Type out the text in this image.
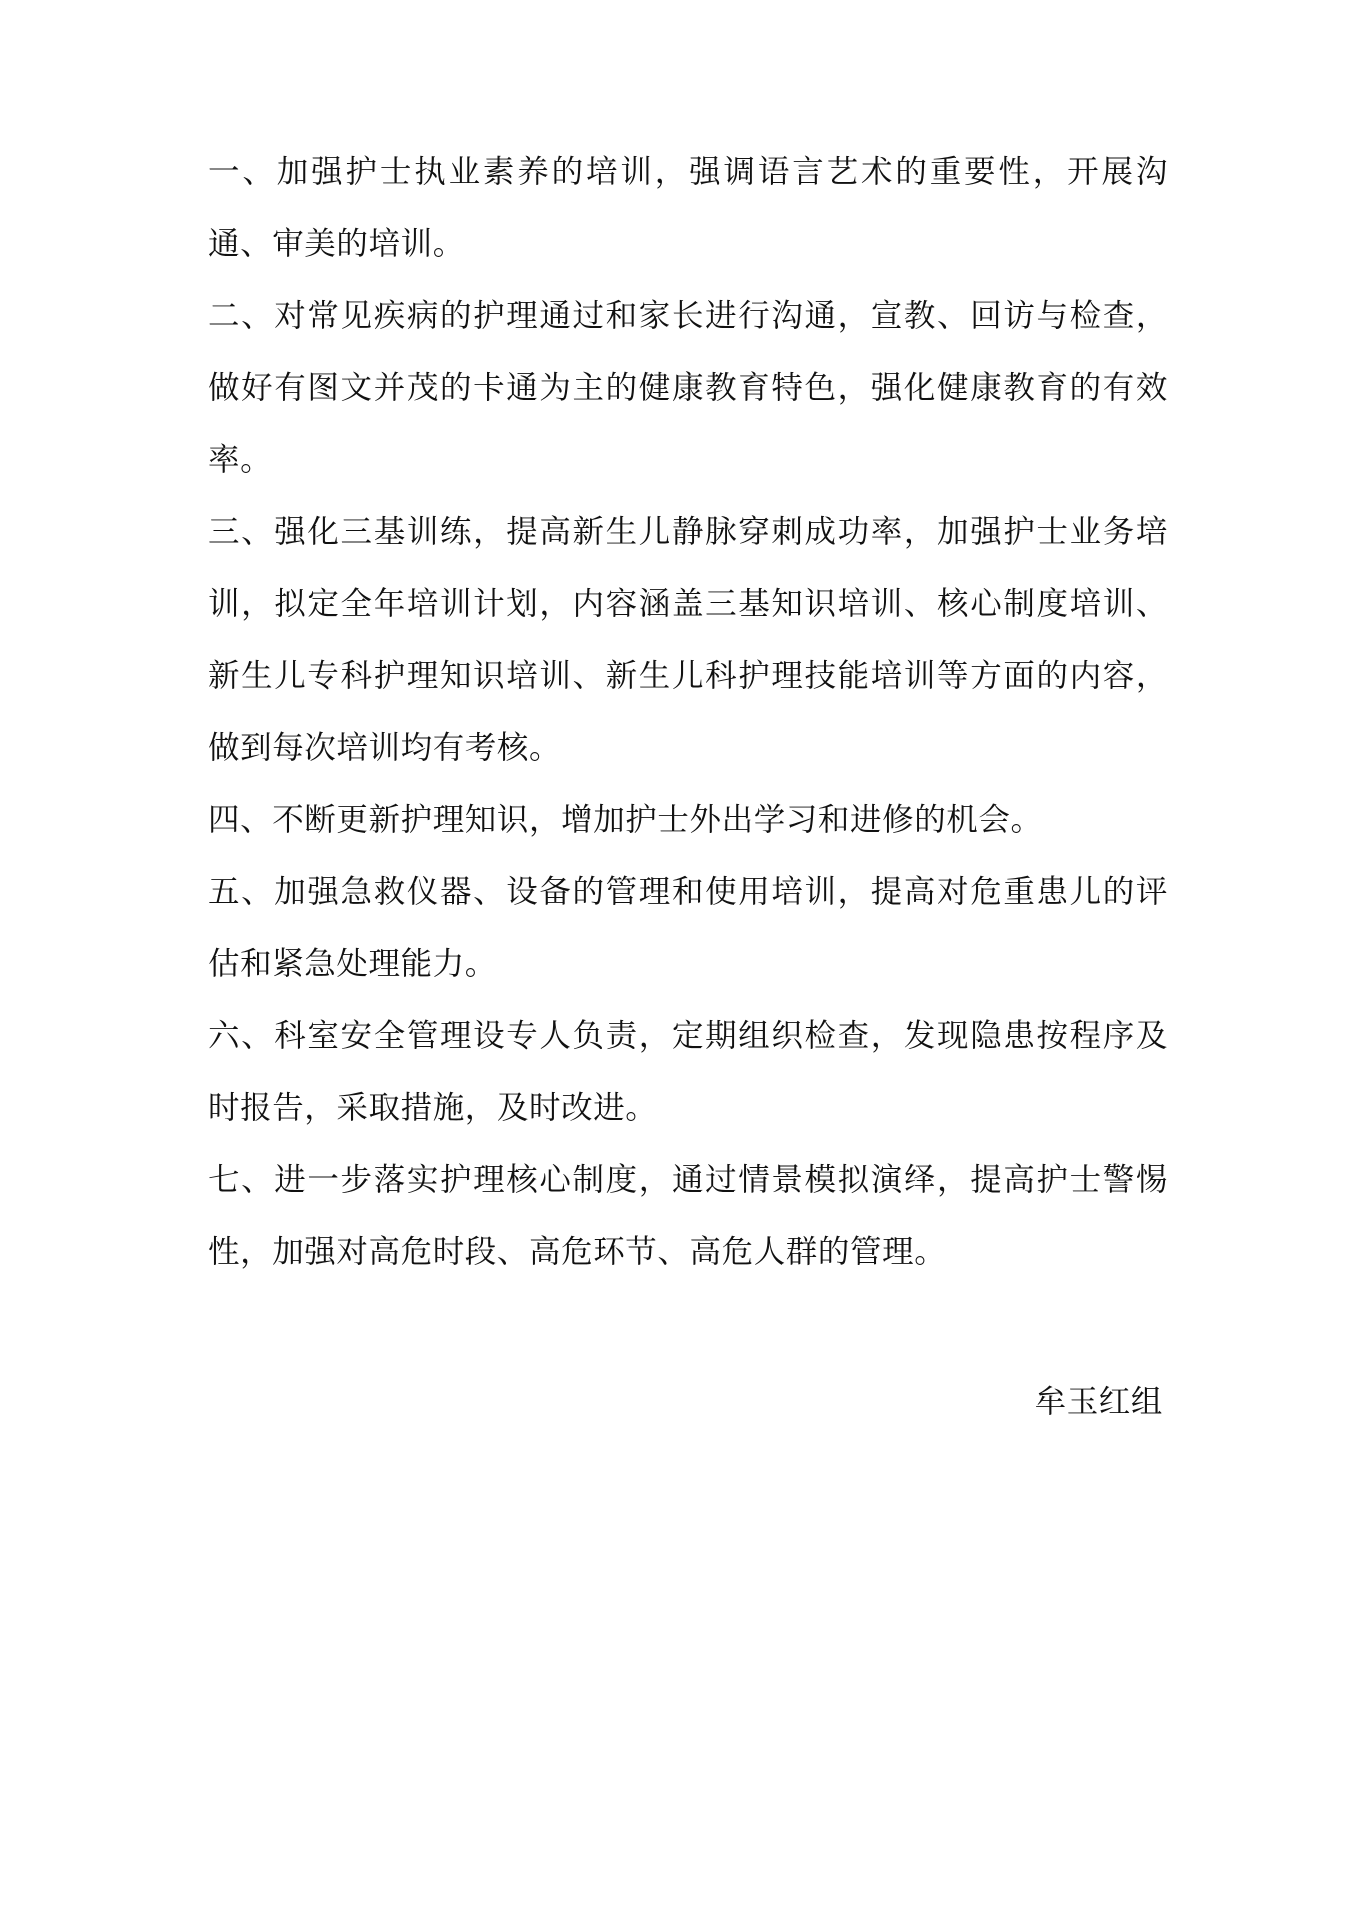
一、加强护士执业素养的培训，强调语言艺术的重要性，开展沟通、审美的培训。

二、对常见疾病的护理通过和家长进行沟通，宣教、回访与检查，做好有图文并茂的卡通为主的健康教育特色，强化健康教育的有效率。

三、强化三基训练，提高新生儿静脉穿刺成功率，加强护士业务培训，拟定全年培训计划，内容涵盖三基知识培训、核心制度培训、新生儿专科护理知识培训、新生儿科护理技能培训等方面的内容，做到每次培训均有考核。

四、不断更新护理知识，增加护士外出学习和进修的机会。

五、加强急救仪器、设备的管理和使用培训，提高对危重患儿的评估和紧急处理能力。

六、科室安全管理设专人负责，定期组织检查，发现隐患按程序及时报告，采取措施，及时改进。

七、进一步落实护理核心制度，通过情景模拟演绎，提高护士警惕性，加强对高危时段、高危环节、高危人群的管理。

牟玉红组
